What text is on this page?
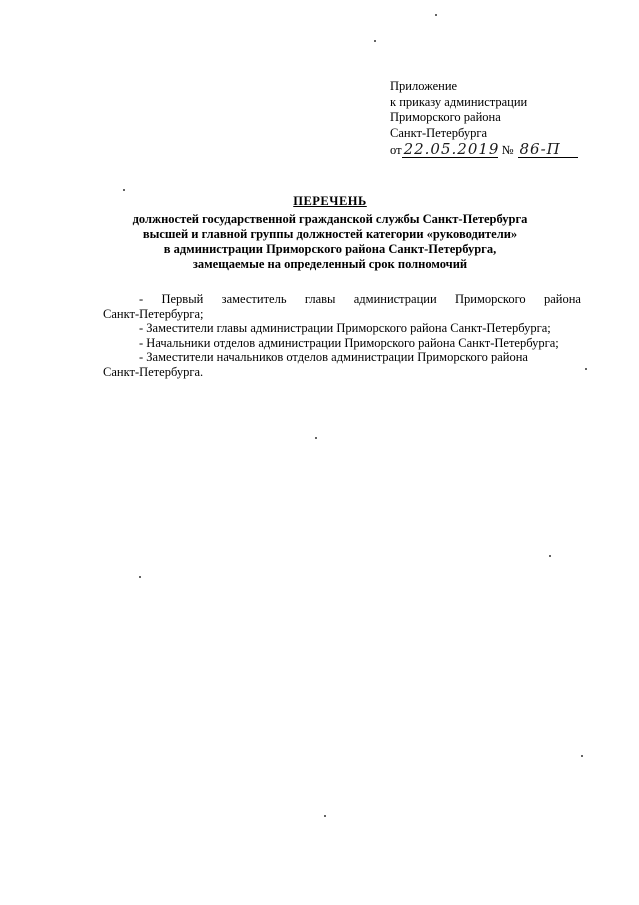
Приложение
к приказу администрации
Приморского района
Санкт-Петербурга
от 22.05.2019 № 86-П
ПЕРЕЧЕНЬ
должностей государственной гражданской службы Санкт-Петербурга
высшей и главной группы должностей категории «руководители»
в администрации Приморского района Санкт-Петербурга,
замещаемые на определенный срок полномочий
- Первый заместитель главы администрации Приморского района
Санкт-Петербурга;
- Заместители главы администрации Приморского района Санкт-Петербурга;
- Начальники отделов администрации Приморского района Санкт-Петербурга;
- Заместители начальников отделов администрации Приморского района
Санкт-Петербурга.
